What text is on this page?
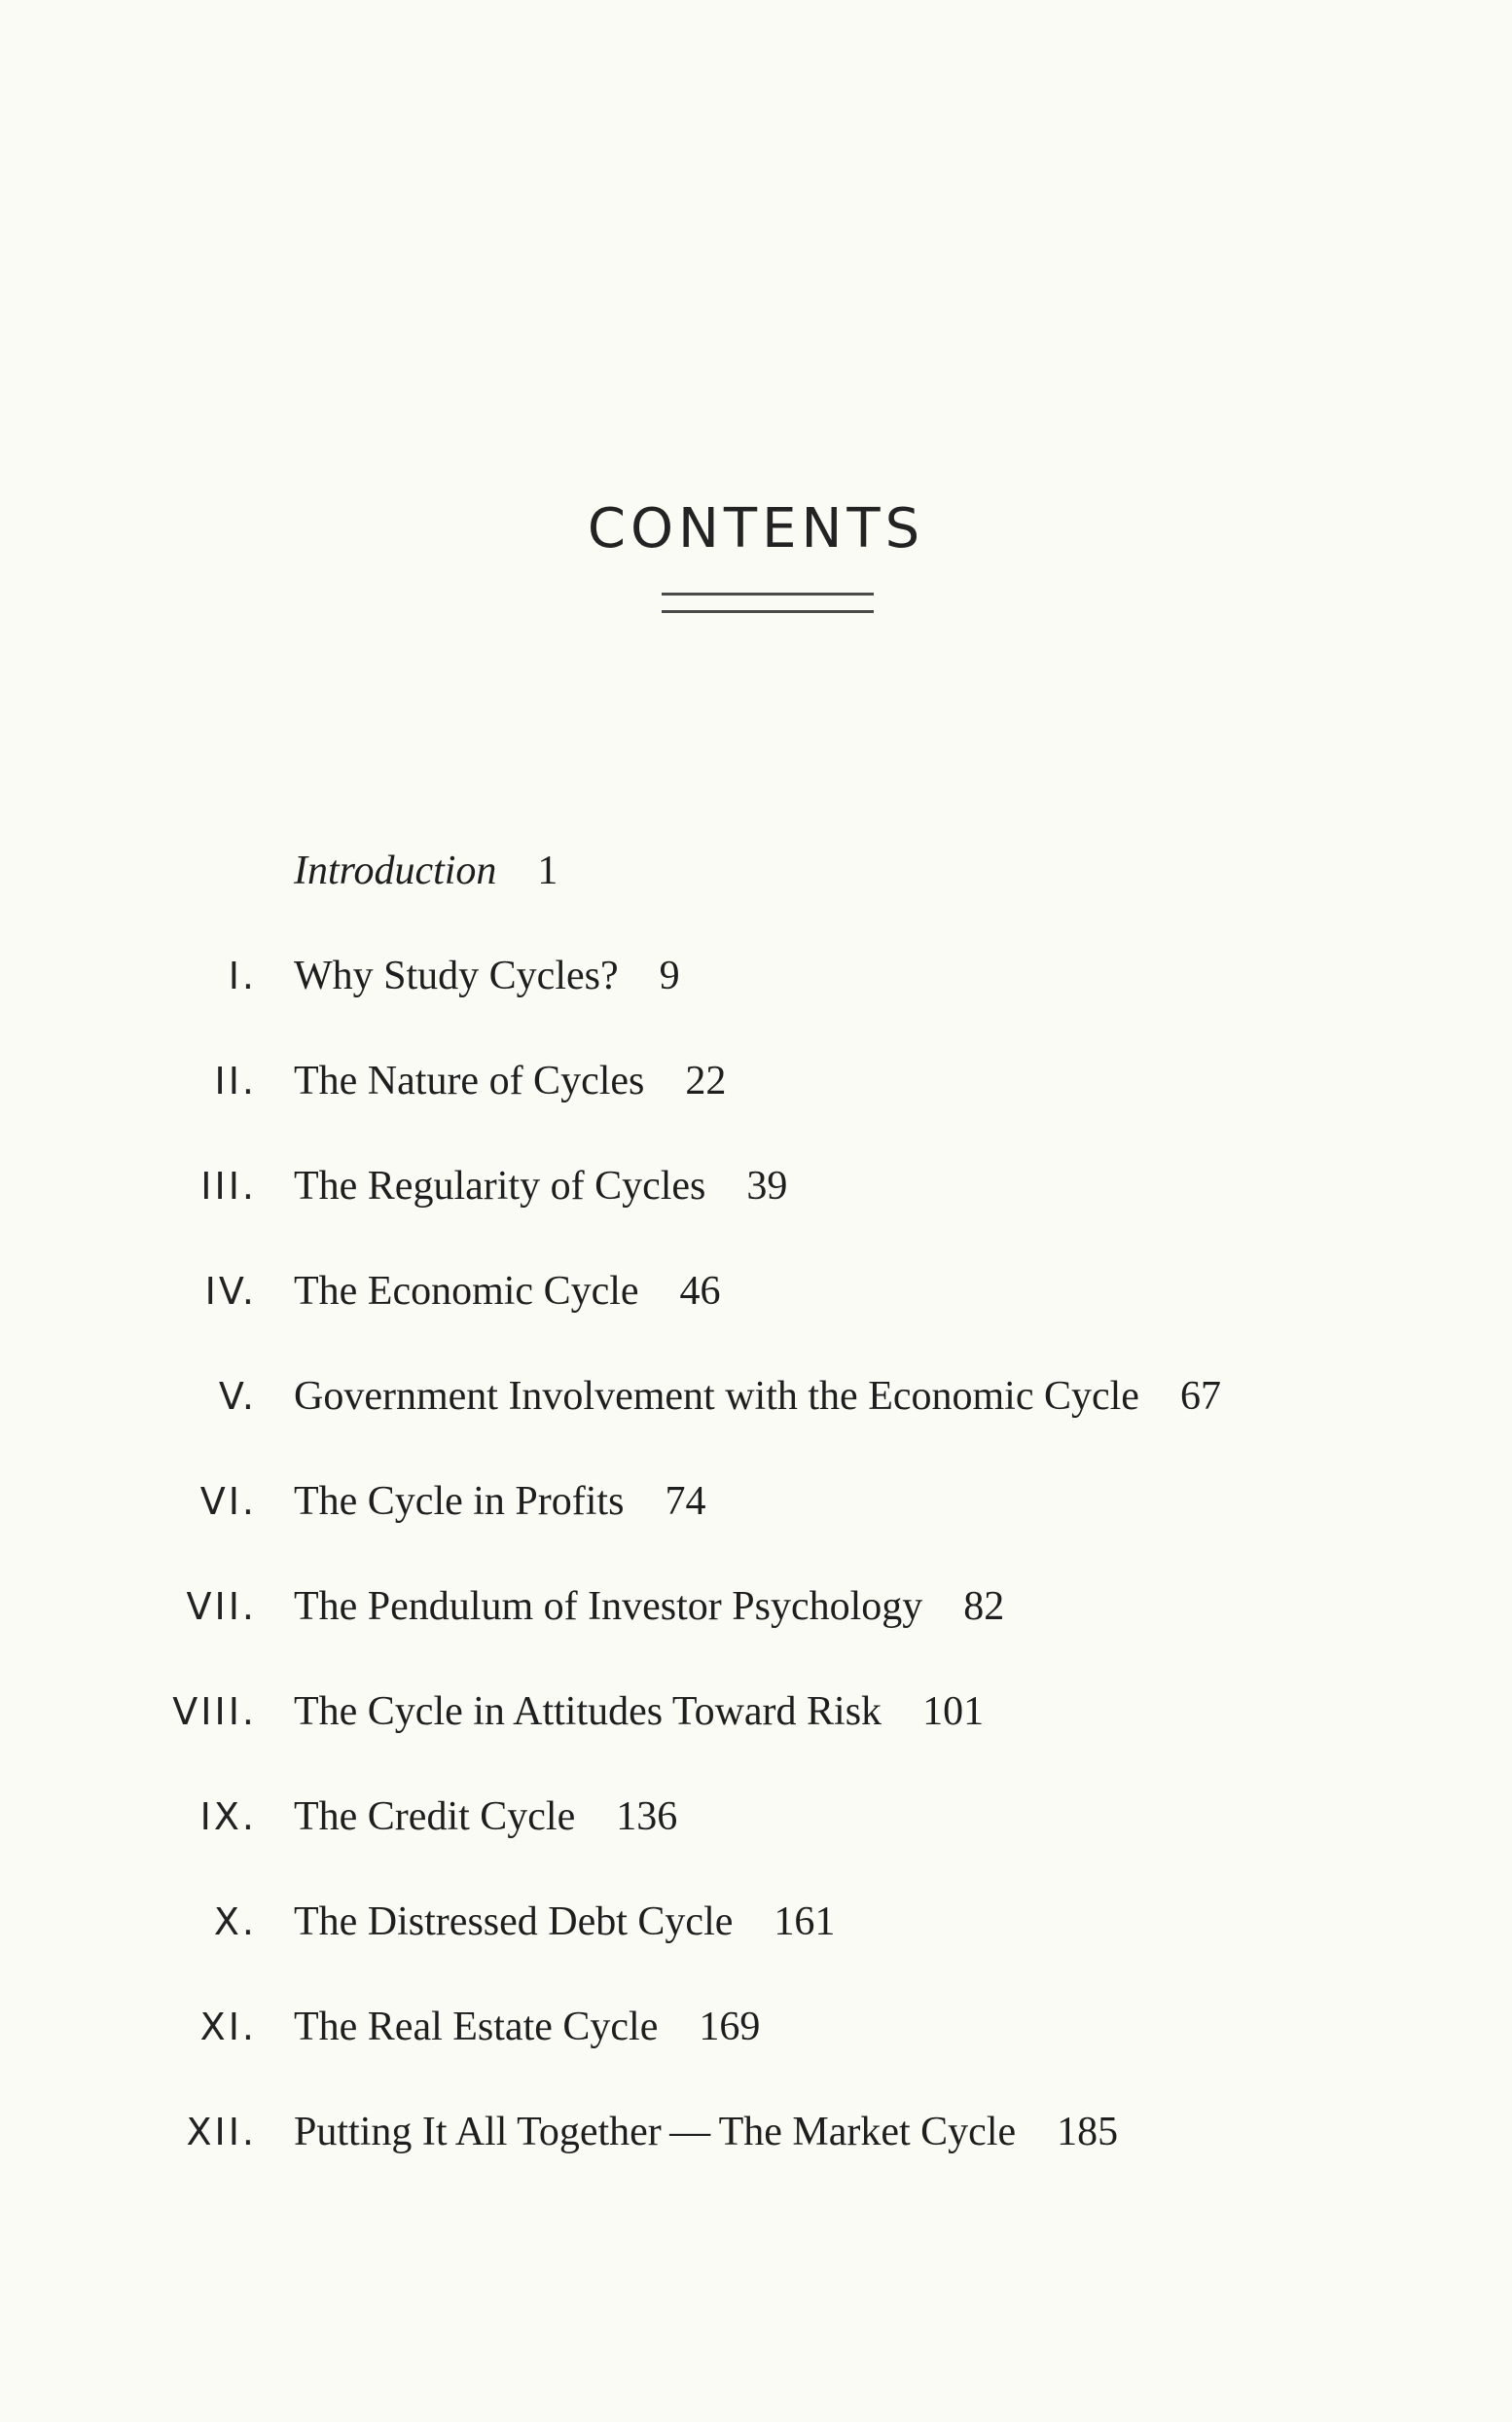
CONTENTS
Introduction 1
I. Why Study Cycles? 9
II. The Nature of Cycles 22
III. The Regularity of Cycles 39
IV. The Economic Cycle 46
V. Government Involvement with the Economic Cycle 67
VI. The Cycle in Profits 74
VII. The Pendulum of Investor Psychology 82
VIII. The Cycle in Attitudes Toward Risk 101
IX. The Credit Cycle 136
X. The Distressed Debt Cycle 161
XI. The Real Estate Cycle 169
XII. Putting It All Together — The Market Cycle 185
